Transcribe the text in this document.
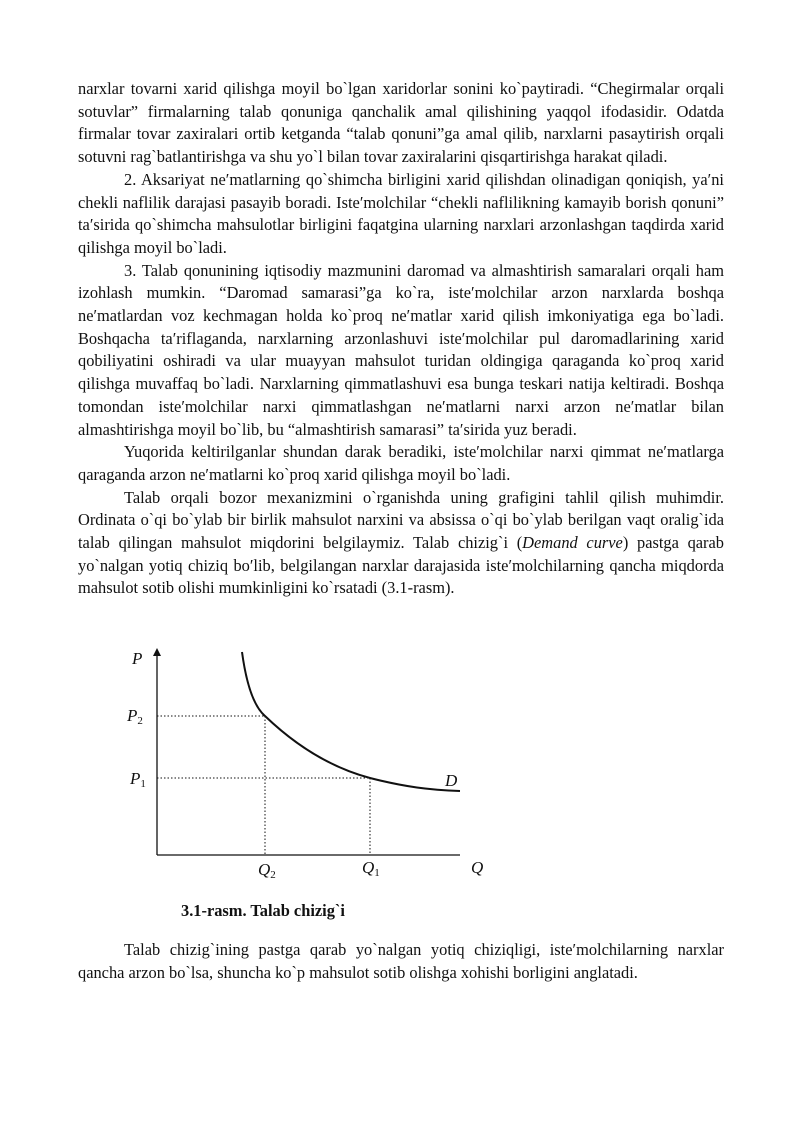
narxlar tovarni xarid qilishga moyil bo`lgan xaridorlar sonini ko`paytiradi. “Chegirmalar orqali sotuvlar” firmalarning talab qonuniga qanchalik amal qilishining yaqqol ifodasidir. Odatda firmalar tovar zaxiralari ortib ketganda “talab qonuni”ga amal qilib, narxlarni pasaytirish orqali sotuvni rag`batlantirishga va shu yo`l bilan tovar zaxiralarini qisqartirishga harakat qiladi.

2. Aksariyat ne′matlarning qo`shimcha birligini xarid qilishdan olinadigan qoniqish, ya′ni chekli naflilik darajasi pasayib boradi. Iste′molchilar “chekli naflilikning kamayib borish qonuni” ta′sirida qo`shimcha mahsulotlar birligini faqatgina ularning narxlari arzonlashgan taqdirda xarid qilishga moyil bo`ladi.

3. Talab qonunining iqtisodiy mazmunini daromad va almashtirish samaralari orqali ham izohlash mumkin. “Daromad samarasi”ga ko`ra, iste′molchilar arzon narxlarda boshqa ne′matlardan voz kechmagan holda ko`proq ne′matlar xarid qilish imkoniyatiga ega bo`ladi. Boshqacha ta′riflaganda, narxlarning arzonlashuvi iste′molchilar pul daromadlarining xarid qobiliyatini oshiradi va ular muayyan mahsulot turidan oldingiga qaraganda ko`proq xarid qilishga muvaffaq bo`ladi. Narxlarning qimmatlashuvi esa bunga teskari natija keltiradi. Boshqa tomondan iste′molchilar narxi qimmatlashgan ne′matlarni narxi arzon ne′matlar bilan almashtirishga moyil bo`lib, bu “almashtirish samarasi” ta′sirida yuz beradi.

Yuqorida keltirilganlar shundan darak beradiki, iste′molchilar narxi qimmat ne′matlarga qaraganda arzon ne′matlarni ko`proq xarid qilishga moyil bo`ladi.

Talab orqali bozor mexanizmini o`rganishda uning grafigini tahlil qilish muhimdir. Ordinata o`qi bo`ylab bir birlik mahsulot narxini va absissa o`qi bo`ylab berilgan vaqt oralig`ida talab qilingan mahsulot miqdorini belgilaymiz. Talab chizig`i (Demand curve) pastga qarab yo`nalgan yotiq chiziq bo′lib, belgilangan narxlar darajasida iste′molchilarning qancha miqdorda mahsulot sotib olishi mumkinligini ko`rsatadi (3.1-rasm).

P
P2
P1	D
Q2	Q1	Q
3.1-rasm. Talab chizig`i

Talab chizig`ining pastga qarab yo`nalgan yotiq chiziqligi, iste′molchilarning narxlar qancha arzon bo`lsa, shuncha ko`p mahsulot sotib olishga xohishi borligini anglatadi.
